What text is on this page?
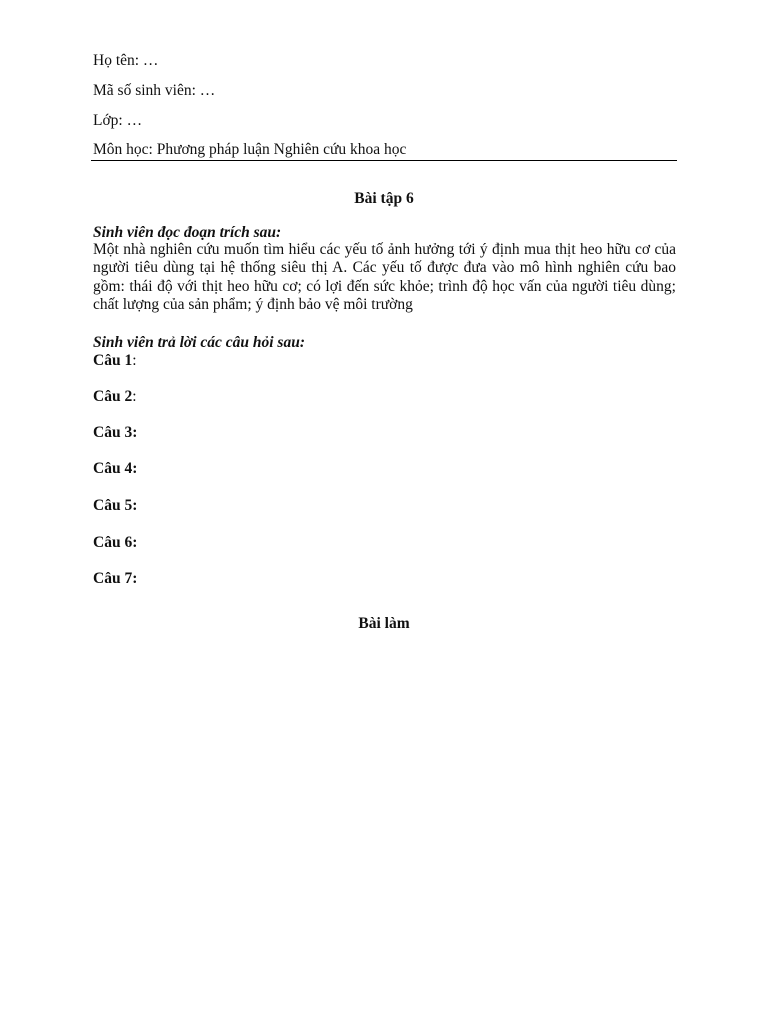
Họ tên: …
Mã số sinh viên: …
Lớp: …
Môn học: Phương pháp luận Nghiên cứu khoa học
Bài tập 6
Sinh viên đọc đoạn trích sau:
Một nhà nghiên cứu muốn tìm hiểu các yếu tố ảnh hưởng tới ý định mua thịt heo hữu cơ của người tiêu dùng tại hệ thống siêu thị A. Các yếu tố được đưa vào mô hình nghiên cứu bao gồm: thái độ với thịt heo hữu cơ; có lợi đến sức khỏe; trình độ học vấn của người tiêu dùng; chất lượng của sản phẩm; ý định bảo vệ môi trường
Sinh viên trả lời các câu hỏi sau:
Câu 1:
Câu 2:
Câu 3:
Câu 4:
Câu 5:
Câu 6:
Câu 7:
Bài làm
